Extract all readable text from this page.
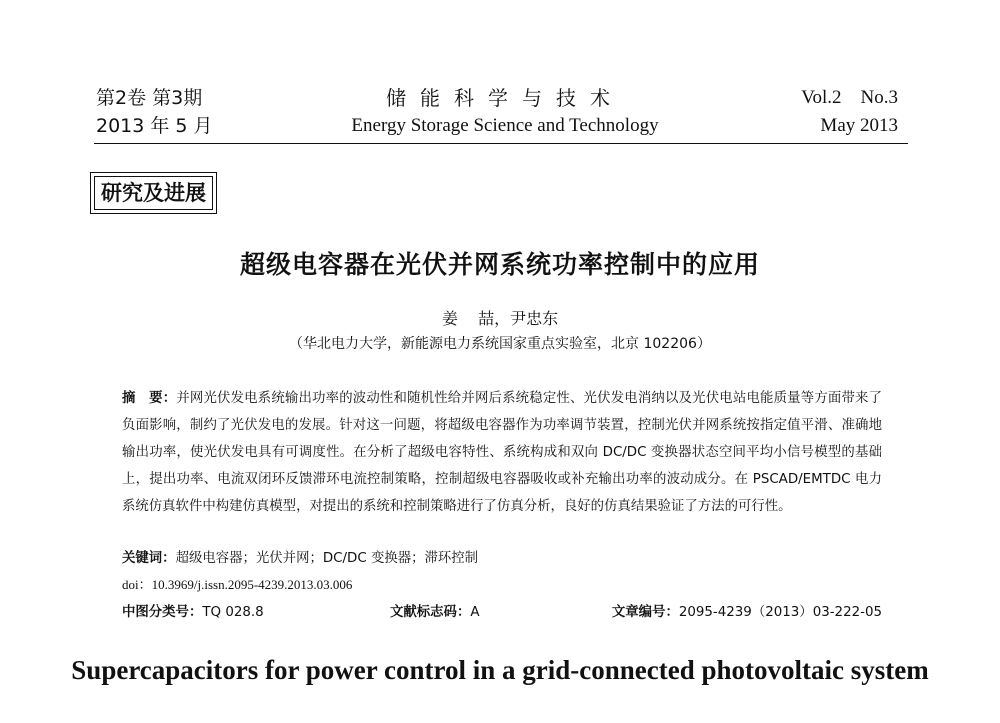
第2卷 第3期
2013 年 5 月
储能科学与技术
Energy Storage Science and Technology
Vol.2    No.3
May 2013
研究及进展
超级电容器在光伏并网系统功率控制中的应用
姜    喆，尹忠东
（华北电力大学，新能源电力系统国家重点实验室，北京 102206）
摘　要：并网光伏发电系统输出功率的波动性和随机性给并网后系统稳定性、光伏发电消纳以及光伏电站电能质量等方面带来了负面影响，制约了光伏发电的发展。针对这一问题，将超级电容器作为功率调节装置，控制光伏并网系统按指定值平滑、准确地输出功率，使光伏发电具有可调度性。在分析了超级电容特性、系统构成和双向 DC/DC 变换器状态空间平均小信号模型的基础上，提出功率、电流双闭环反馈滞环电流控制策略，控制超级电容器吸收或补充输出功率的波动成分。在 PSCAD/EMTDC 电力系统仿真软件中构建仿真模型，对提出的系统和控制策略进行了仿真分析，良好的仿真结果验证了方法的可行性。
关键词：超级电容器；光伏并网；DC/DC 变换器；滞环控制
doi：10.3969/j.issn.2095-4239.2013.03.006
中图分类号：TQ 028.8	文献标志码：A	文章编号：2095-4239（2013）03-222-05
Supercapacitors for power control in a grid-connected photovoltaic system
